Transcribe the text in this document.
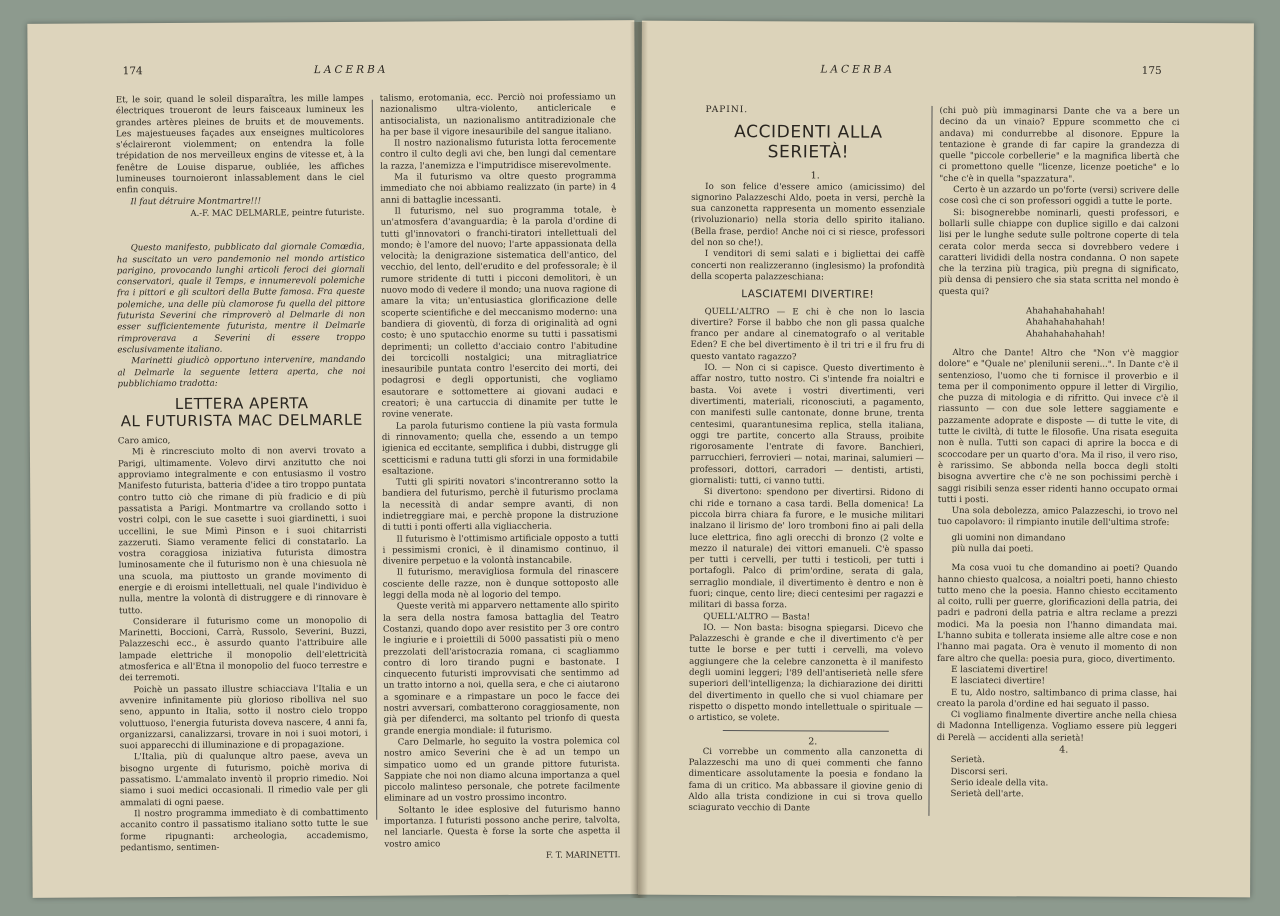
174	LACERBA

Et, le soir, quand le soleil disparaîtra, les mille lampes électriques troueront de leurs faisceaux lumineux les grandes artères pleines de bruits et de mouvements. Les majestueuses façades aux enseignes multicolores s'éclaireront violemment; on entendra la folle trépidation de nos merveilleux engins de vitesse et, à la fenêtre de Louise disparue, oubliée, les affiches lumineuses tournoieront inlassablement dans le ciel enfin conquis.

Il faut détruire Montmartre!!!

A.-F. MAC DELMARLE, peintre futuriste.

Questo manifesto, pubblicato dal giornale Comœdia, ha suscitato un vero pandemonio nel mondo artistico parigino, provocando lunghi articoli feroci dei giornali conservatori, quale il Temps, e innumerevoli polemiche fra i pittori e gli scultori della Butte famosa. Fra queste polemiche, una delle più clamorose fu quella del pittore futurista Severini che rimproverò al Delmarle di non esser sufficientemente futurista, mentre il Delmarle rimproverava a Severini di essere troppo esclusivamente italiano.

Marinetti giudicò opportuno intervenire, mandando al Delmarle la seguente lettera aperta, che noi pubblichiamo tradotta:

LETTERA APERTA
AL FUTURISTA MAC DELMARLE

Caro amico,

Mi è rincresciuto molto di non avervi trovato a Parigi, ultimamente. Volevo dirvi anzitutto che noi approviamo integralmente e con entusiasmo il vostro Manifesto futurista, batteria d'idee a tiro troppo puntata contro tutto ciò che rimane di più fradicio e di più passatista a Parigi. Montmartre va crollando sotto i vostri colpi, con le sue casette i suoi giardinetti, i suoi uccellini, le sue Mimì Pinson e i suoi chitarristi zazzeruti. Siamo veramente felici di constatarlo. La vostra coraggiosa iniziativa futurista dimostra luminosamente che il futurismo non è una chiesuola nè una scuola, ma piuttosto un grande movimento di energie e di eroismi intellettuali, nel quale l'individuo è nulla, mentre la volontà di distruggere e di rinnovare è tutto.

Considerare il futurismo come un monopolio di Marinetti, Boccioni, Carrà, Russolo, Severini, Buzzi, Palazzeschi ecc., è assurdo quanto l'attribuire alle lampade elettriche il monopolio dell'elettricità atmosferica e all'Etna il monopolio del fuoco terrestre e dei terremoti.

Poichè un passato illustre schiacciava l'Italia e un avvenire infinitamente più glorioso ribolliva nel suo seno, appunto in Italia, sotto il nostro cielo troppo voluttuoso, l'energia futurista doveva nascere, 4 anni fa, organizzarsi, canalizzarsi, trovare in noi i suoi motori, i suoi apparecchi di illuminazione e di propagazione.

L'Italia, più di qualunque altro paese, aveva un bisogno urgente di futurismo, poichè moriva di passatismo. L'ammalato inventò il proprio rimedio. Noi siamo i suoi medici occasionali. Il rimedio vale per gli ammalati di ogni paese.

Il nostro programma immediato è di combattimento accanito contro il passatismo italiano sotto tutte le sue forme ripugnanti: archeologia, accademismo, pedantismo, sentimen-

talismo, erotomania, ecc. Perciò noi professiamo un nazionalismo ultra-violento, anticlericale e antisocialista, un nazionalismo antitradizionale che ha per base il vigore inesauribile del sangue italiano.

Il nostro nazionalismo futurista lotta ferocemente contro il culto degli avi che, ben lungi dal cementare la razza, l'anemizza e l'imputridisce miserevolmente.

Ma il futurismo va oltre questo programma immediato che noi abbiamo realizzato (in parte) in 4 anni di battaglie incessanti.

Il futurismo, nel suo programma totale, è un'atmosfera d'avanguardia; è la parola d'ordine di tutti gl'innovatori o franchi-tiratori intellettuali del mondo; è l'amore del nuovo; l'arte appassionata della velocità; la denigrazione sistematica dell'antico, del vecchio, del lento, dell'erudito e del professorale; è il rumore stridente di tutti i picconi demolitori, è un nuovo modo di vedere il mondo; una nuova ragione di amare la vita; un'entusiastica glorificazione delle scoperte scientifiche e del meccanismo moderno: una bandiera di gioventù, di forza di originalità ad ogni costo; è uno sputacchio enorme su tutti i passatismi deprimenti; un colletto d'acciaio contro l'abitudine dei torcicolli nostalgici; una mitragliatrice inesauribile puntata contro l'esercito dei morti, dei podagrosi e degli opportunisti, che vogliamo esautorare e sottomettere ai giovani audaci e creatori; è una cartuccia di dinamite per tutte le rovine venerate.

La parola futurismo contiene la più vasta formula di rinnovamento; quella che, essendo a un tempo igienica ed eccitante, semplifica i dubbi, distrugge gli scetticismi e raduna tutti gli sforzi in una formidabile esaltazione.

Tutti gli spiriti novatori s'incontreranno sotto la bandiera del futurismo, perchè il futurismo proclama la necessità di andar sempre avanti, di non indietreggiare mai, e perchè propone la distruzione di tutti i ponti offerti alla vigliaccheria.

Il futurismo è l'ottimismo artificiale opposto a tutti i pessimismi cronici, è il dinamismo continuo, il divenire perpetuo e la volontà instancabile.

Il futurismo, meravigliosa formula del rinascere cosciente delle razze, non è dunque sottoposto alle leggi della moda nè al logorio del tempo.

Queste verità mi apparvero nettamente allo spirito la sera della nostra famosa battaglia del Teatro Costanzi, quando dopo aver resistito per 3 ore contro le ingiurie e i proiettili di 5000 passatisti più o meno prezzolati dell'aristocrazia romana, ci scagliammo contro di loro tirando pugni e bastonate. I cinquecento futuristi improvvisati che sentimmo ad un tratto intorno a noi, quella sera, e che ci aiutarono a sgominare e a rimpastare un poco le facce dei nostri avversari, combatterono coraggiosamente, non già per difenderci, ma soltanto pel trionfo di questa grande energia mondiale: il futurismo.

Caro Delmarle, ho seguito la vostra polemica col nostro amico Severini che è ad un tempo un simpatico uomo ed un grande pittore futurista. Sappiate che noi non diamo alcuna importanza a quel piccolo malinteso personale, che potrete facilmente eliminare ad un vostro prossimo incontro.

Soltanto le idee esplosive del futurismo hanno importanza. I futuristi possono anche perire, talvolta, nel lanciarle. Questa è forse la sorte che aspetta il vostro amico

F. T. MARINETTI.

LACERBA	175

PAPINI.

ACCIDENTI ALLA SERIETÀ!

1.

Io son felice d'essere amico (amicissimo) del signorino Palazzeschi Aldo, poeta in versi, perchè la sua canzonetta rappresenta un momento essenziale (rivoluzionario) nella storia dello spirito italiano. (Bella frase, perdio! Anche noi ci si riesce, professori del non so che!).

I venditori di semi salati e i bigliettai dei caffè concerti non realizzeranno (inglesismo) la profondità della scoperta palazzeschiana:

LASCIATEMI DIVERTIRE!

QUELL'ALTRO — E chi è che non lo lascia divertire? Forse il babbo che non gli passa qualche franco per andare al cinematografo o al veritable Eden? E che bel divertimento è il tri tri e il fru fru di questo vantato ragazzo?

IO. — Non ci si capisce. Questo divertimento è affar nostro, tutto nostro. Ci s'intende fra noialtri e basta. Voi avete i vostri divertimenti, veri divertimenti, materiali, riconosciuti, a pagamento, con manifesti sulle cantonate, donne brune, trenta centesimi, quarantunesima replica, stella italiana, oggi tre partite, concerto alla Strauss, proibite rigorosamente l'entrate di favore. Banchieri, parrucchieri, ferrovieri — notai, marinai, salumieri — professori, dottori, carradori — dentisti, artisti, giornalisti: tutti, ci vanno tutti.

Si divertono: spendono per divertirsi. Ridono di chi ride e tornano a casa tardi. Bella domenica! La piccola birra chiara fa furore, e le musiche militari inalzano il lirismo de' loro tromboni fino ai pali della luce elettrica, fino agli orecchi di bronzo (2 volte e mezzo il naturale) dei vittori emanueli. C'è spasso per tutti i cervelli, per tutti i testicoli, per tutti i portafogli. Palco di prim'ordine, serata di gala, serraglio mondiale, il divertimento è dentro e non è fuori; cinque, cento lire; dieci centesimi per ragazzi e militari di bassa forza.

QUELL'ALTRO — Basta!

IO. — Non basta: bisogna spiegarsi. Dicevo che Palazzeschi è grande e che il divertimento c'è per tutte le borse e per tutti i cervelli, ma volevo aggiungere che la celebre canzonetta è il manifesto degli uomini leggeri; l'89 dell'antiserietà nelle sfere superiori dell'intelligenza; la dichiarazione dei diritti del divertimento in quello che si vuol chiamare per rispetto o dispetto mondo intellettuale o spirituale — o artistico, se volete.

2.

Ci vorrebbe un commento alla canzonetta di Palazzeschi ma uno di quei commenti che fanno dimenticare assolutamente la poesia e fondano la fama di un critico. Ma abbassare il giovine genio di Aldo alla trista condizione in cui si trova quello sciagurato vecchio di Dante

(chi può più immaginarsi Dante che va a bere un decino da un vinaio? Eppure scommetto che ci andava) mi condurrebbe al disonore. Eppure la tentazione è grande di far capire la grandezza di quelle "piccole corbellerie" e la magnifica libertà che ci promettono quelle "licenze, licenze poetiche" e lo "che c'è in quella "spazzatura".

Certo è un azzardo un po'forte (versi) scrivere delle cose così che ci son professori oggidì a tutte le porte.

Si: bisognerebbe nominarli, questi professori, e bollarli sulle chiappe con duplice sigillo e dai calzoni lisi per le lunghe sedute sulle poltrone coperte di tela cerata color merda secca si dovrebbero vedere i caratteri livididi della nostra condanna. O non sapete che la terzina più tragica, più pregna di significato, più densa di pensiero che sia stata scritta nel mondo è questa qui?

Ahahahahahahah!

Ahahahahahahah!

Ahahahahahahah!

Altro che Dante! Altro che "Non v'è maggior dolore" e "Quale ne' plenilunii sereni...". In Dante c'è il sentenzioso, l'uomo che ti fornisce il proverbio e il tema per il componimento oppure il letter di Virgilio, che puzza di mitologia e di rifritto. Qui invece c'è il riassunto — con due sole lettere saggiamente e pazzamente adoprate e disposte — di tutte le vite, di tutte le civiltà, di tutte le filosofie. Una risata eseguita non è nulla. Tutti son capaci di aprire la bocca e di scoccodare per un quarto d'ora. Ma il riso, il vero riso, è rarissimo. Se abbonda nella bocca degli stolti bisogna avvertire che c'è ne son pochissimi perchè i saggi risibili senza esser ridenti hanno occupato ormai tutti i posti.

Una sola debolezza, amico Palazzeschi, io trovo nel tuo capolavoro: il rimpianto inutile dell'ultima strofe:

gli uomini non dimandano

più nulla dai poeti.

Ma cosa vuoi tu che domandino ai poeti? Quando hanno chiesto qualcosa, a noialtri poeti, hanno chiesto tutto meno che la poesia. Hanno chiesto eccitamento al coito, rulli per guerre, glorificazioni della patria, dei padri e padroni della patria e altra reclame a prezzi modici. Ma la poesia non l'hanno dimandata mai. L'hanno subita e tollerata insieme alle altre cose e non l'hanno mai pagata. Ora è venuto il momento di non fare altro che quella: poesia pura, gioco, divertimento.

E lasciatemi divertire!

E lasciateci divertire!

E tu, Aldo nostro, saltimbanco di prima classe, hai creato la parola d'ordine ed hai seguato il passo.

Ci vogliamo finalmente divertire anche nella chiesa di Madonna Intelligenza. Vogliamo essere più leggeri di Perelà — accidenti alla serietà!

4.

Serietà.

Discorsi seri.

Serio ideale della vita.

Serietà dell'arte.
